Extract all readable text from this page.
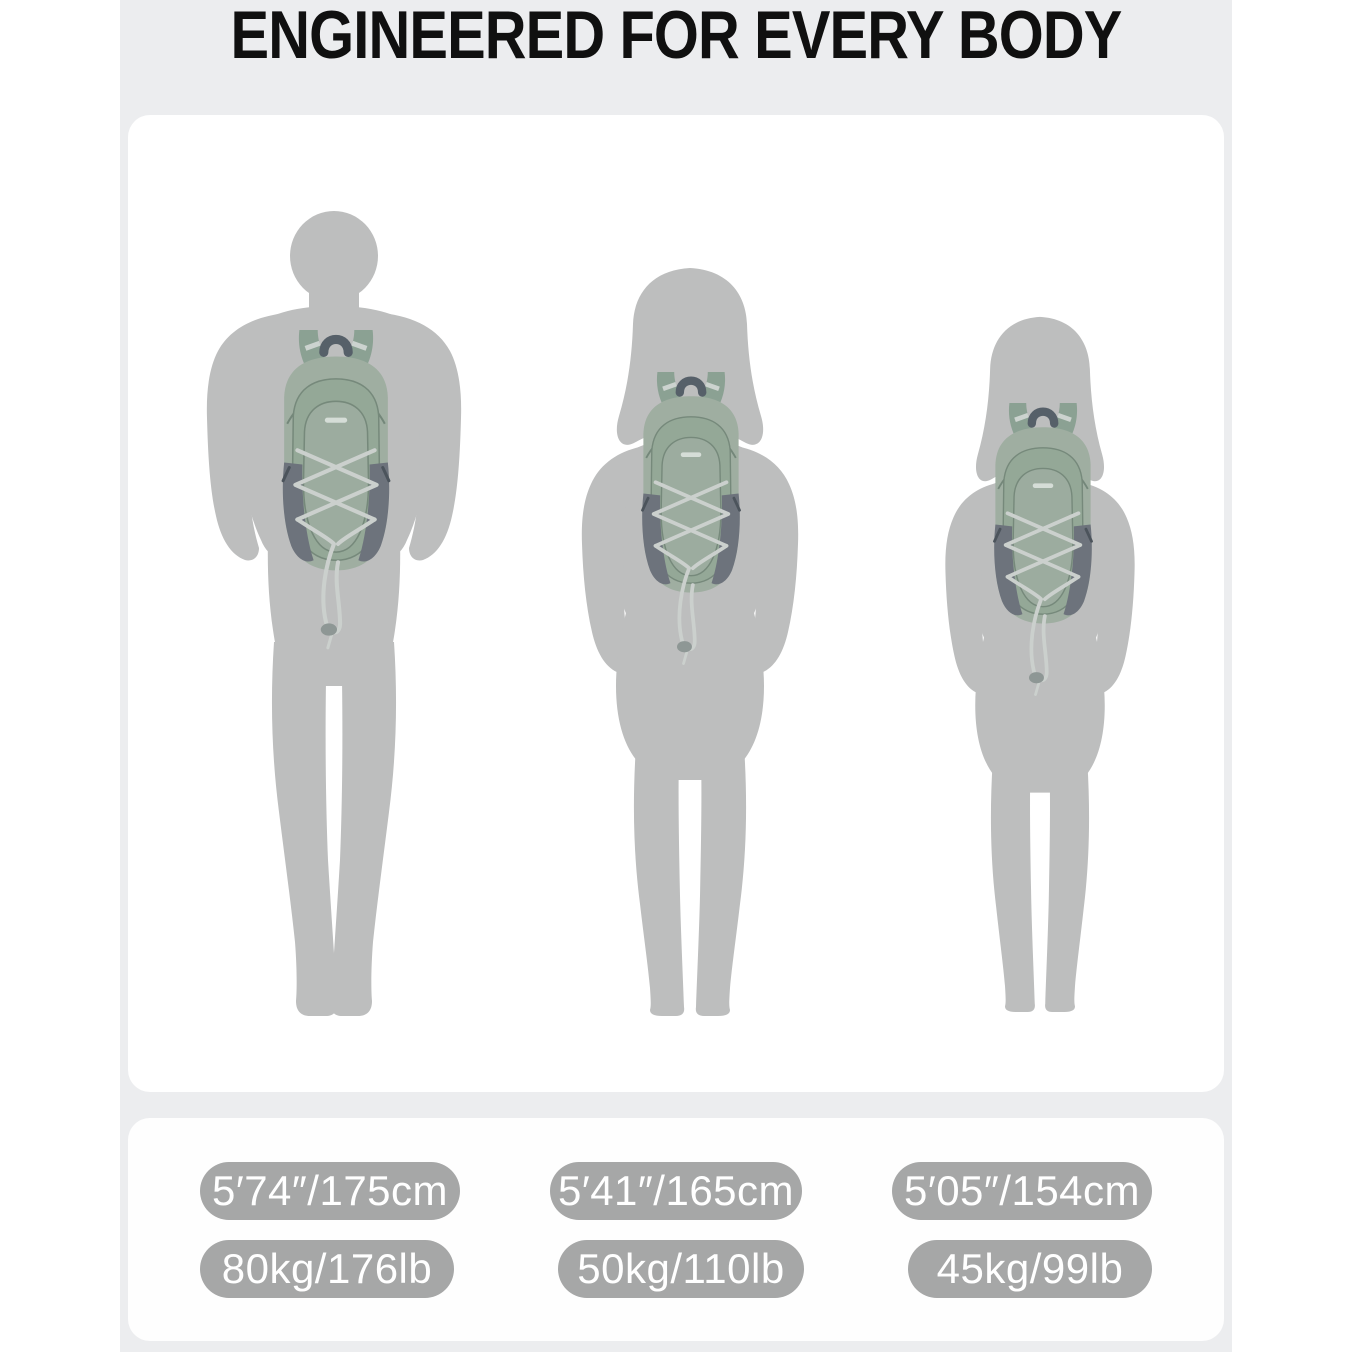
ENGINEERED FOR EVERY BODY
5′74″/175cm	5′41″/165cm	5′05″/154cm
80kg/176lb	50kg/110lb	45kg/99lb
